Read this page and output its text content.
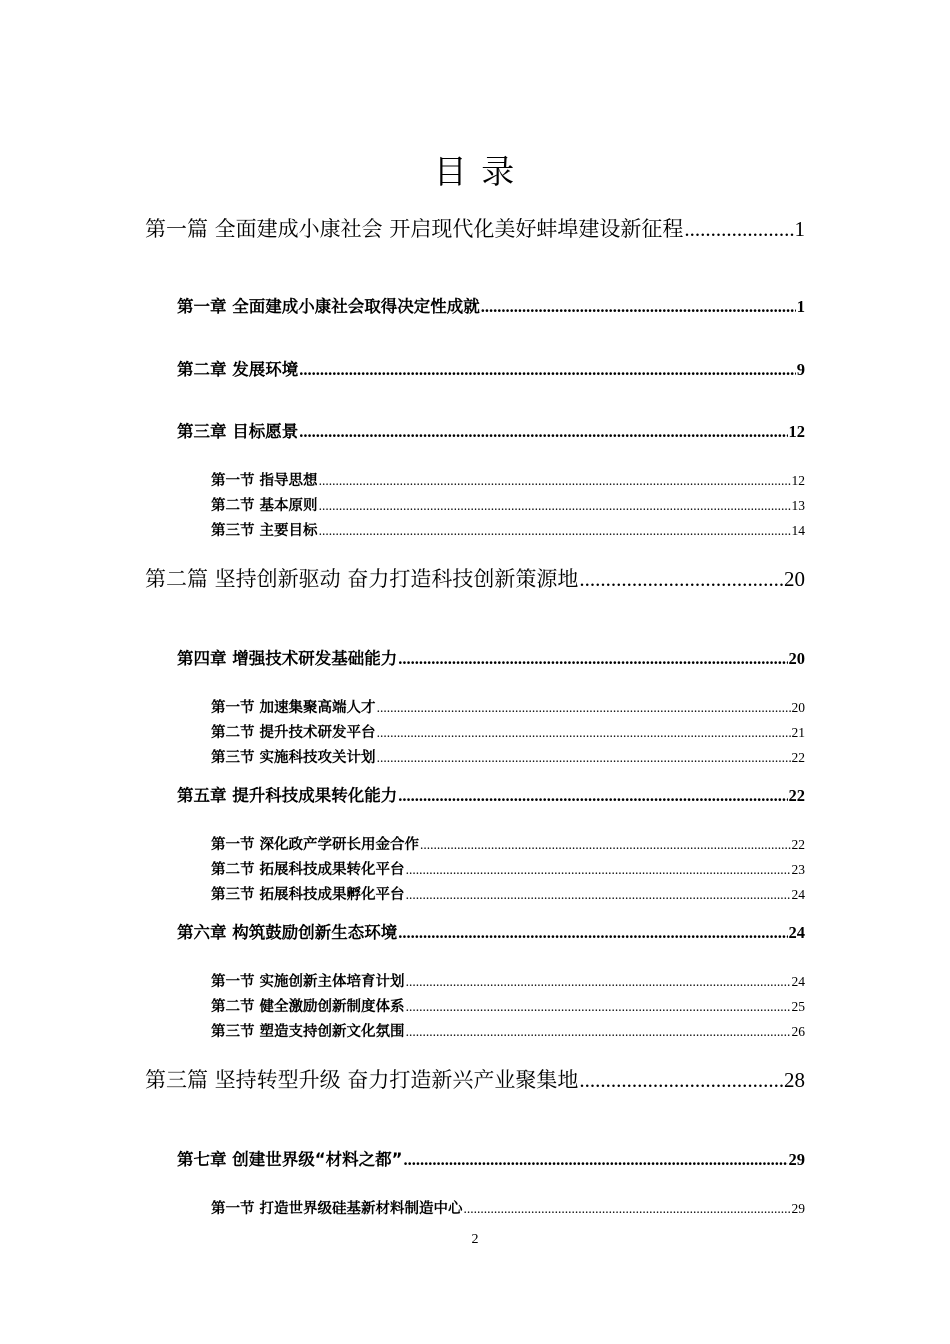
目 录
第一篇 全面建成小康社会 开启现代化美好蚌埠建设新征程 .....	1
第一章 全面建成小康社会取得决定性成就 .....	1
第二章 发展环境 .....	9
第三章 目标愿景 .....	12
第一节 指导思想 .....	12
第二节 基本原则 .....	13
第三节 主要目标 .....	14
第二篇 坚持创新驱动 奋力打造科技创新策源地 .....	20
第四章 增强技术研发基础能力 .....	20
第一节 加速集聚高端人才 .....	20
第二节 提升技术研发平台 .....	21
第三节 实施科技攻关计划 .....	22
第五章 提升科技成果转化能力 .....	22
第一节 深化政产学研长用金合作 .....	22
第二节 拓展科技成果转化平台 .....	23
第三节 拓展科技成果孵化平台 .....	24
第六章 构筑鼓励创新生态环境 .....	24
第一节 实施创新主体培育计划 .....	24
第二节 健全激励创新制度体系 .....	25
第三节 塑造支持创新文化氛围 .....	26
第三篇 坚持转型升级 奋力打造新兴产业聚集地 .....	28
第七章 创建世界级“材料之都” .....	29
第一节 打造世界级硅基新材料制造中心 .....	29
2
